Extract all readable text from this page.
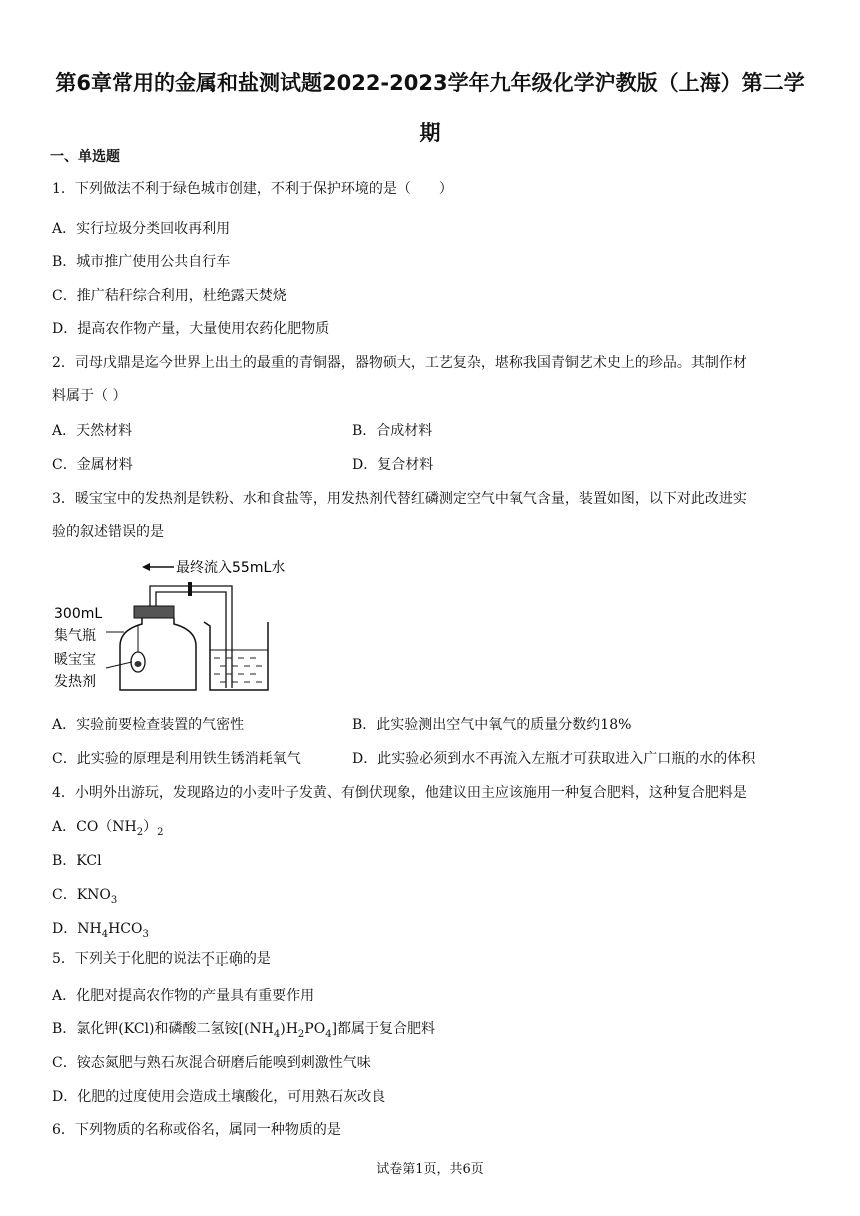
第6章常用的金属和盐测试题2022-2023学年九年级化学沪教版（上海）第二学
期
一、单选题
1．下列做法不利于绿色城市创建，不利于保护环境的是（　　）
A．实行垃圾分类回收再利用
B．城市推广使用公共自行车
C．推广秸秆综合利用，杜绝露天焚烧
D．提高农作物产量，大量使用农药化肥物质
2．司母戊鼎是迄今世界上出土的最重的青铜器，器物硕大，工艺复杂，堪称我国青铜艺术史上的珍品。其制作材
料属于（ ）
A．天然材料	B．合成材料
C．金属材料	D．复合材料
3．暖宝宝中的发热剂是铁粉、水和食盐等，用发热剂代替红磷测定空气中氧气含量，装置如图，以下对此改进实
验的叙述错误的是
最终流入55mL水
300mL
集气瓶
暖宝宝
发热剂
A．实验前要检查装置的气密性	B．此实验测出空气中氧气的质量分数约18%
C．此实验的原理是利用铁生锈消耗氧气	D．此实验必须到水不再流入左瓶才可获取进入广口瓶的水的体积
4．小明外出游玩，发现路边的小麦叶子发黄、有倒伏现象，他建议田主应该施用一种复合肥料，这种复合肥料是
A．$CO(NH_2)_2$
B．KCl
C．$KNO_3$
D．$NH_4HCO_3$
5．下列关于化肥的说法不正确的是
A．化肥对提高农作物的产量具有重要作用
B．氯化钾(KCl)和磷酸二氢铵$[(NH_4)H_2PO_4]$都属于复合肥料
C．铵态氮肥与熟石灰混合研磨后能嗅到刺激性气味
D．化肥的过度使用会造成土壤酸化，可用熟石灰改良
6．下列物质的名称或俗名，属同一种物质的是
试卷第1页，共6页
